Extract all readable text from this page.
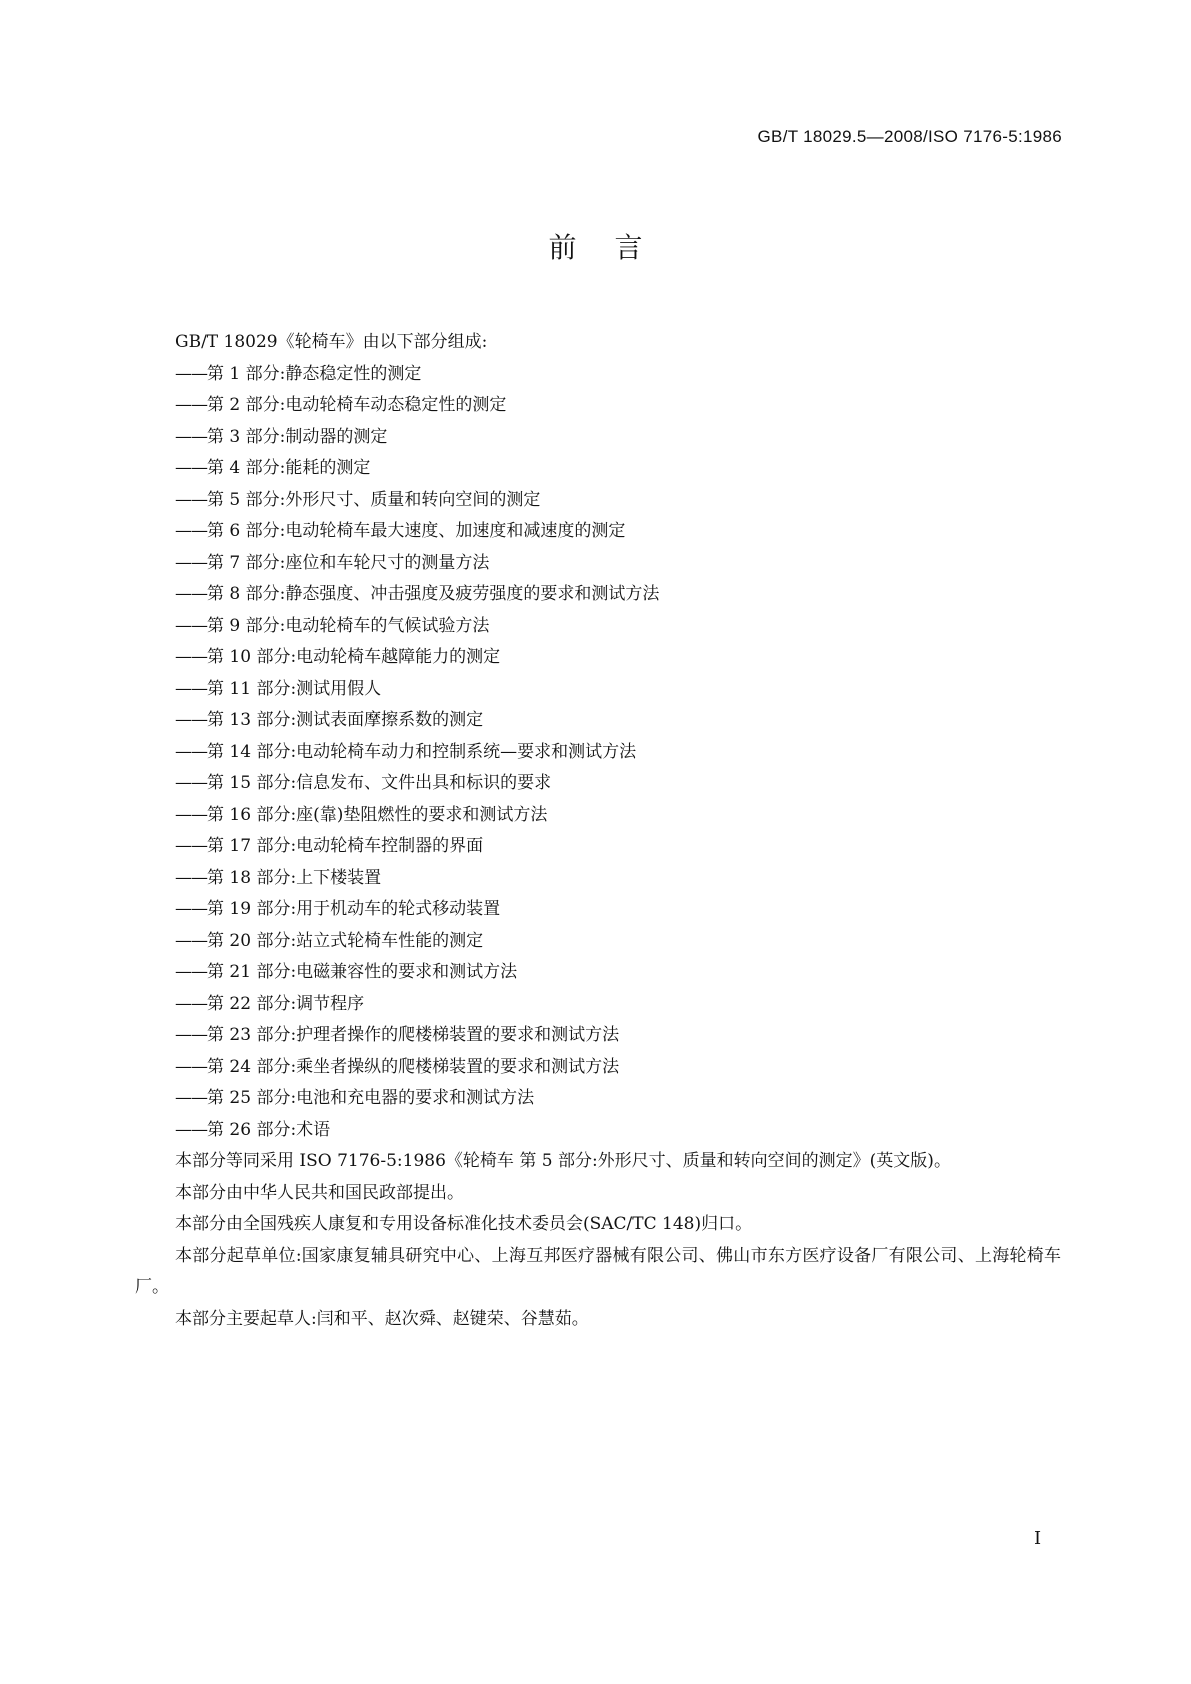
GB/T 18029.5—2008/ISO 7176-5:1986
前言

GB/T 18029《轮椅车》由以下部分组成:

——第 1 部分:静态稳定性的测定

——第 2 部分:电动轮椅车动态稳定性的测定

——第 3 部分:制动器的测定

——第 4 部分:能耗的测定

——第 5 部分:外形尺寸、质量和转向空间的测定

——第 6 部分:电动轮椅车最大速度、加速度和减速度的测定

——第 7 部分:座位和车轮尺寸的测量方法

——第 8 部分:静态强度、冲击强度及疲劳强度的要求和测试方法

——第 9 部分:电动轮椅车的气候试验方法

——第 10 部分:电动轮椅车越障能力的测定

——第 11 部分:测试用假人

——第 13 部分:测试表面摩擦系数的测定

——第 14 部分:电动轮椅车动力和控制系统—要求和测试方法

——第 15 部分:信息发布、文件出具和标识的要求

——第 16 部分:座(靠)垫阻燃性的要求和测试方法

——第 17 部分:电动轮椅车控制器的界面

——第 18 部分:上下楼装置

——第 19 部分:用于机动车的轮式移动装置

——第 20 部分:站立式轮椅车性能的测定

——第 21 部分:电磁兼容性的要求和测试方法

——第 22 部分:调节程序

——第 23 部分:护理者操作的爬楼梯装置的要求和测试方法

——第 24 部分:乘坐者操纵的爬楼梯装置的要求和测试方法

——第 25 部分:电池和充电器的要求和测试方法

——第 26 部分:术语

本部分等同采用 ISO 7176-5:1986《轮椅车 第 5 部分:外形尺寸、质量和转向空间的测定》(英文版)。

本部分由中华人民共和国民政部提出。

本部分由全国残疾人康复和专用设备标准化技术委员会(SAC/TC 148)归口。

本部分起草单位:国家康复辅具研究中心、上海互邦医疗器械有限公司、佛山市东方医疗设备厂有限公司、上海轮椅车厂。

本部分主要起草人:闫和平、赵次舜、赵键荣、谷慧茹。

I
